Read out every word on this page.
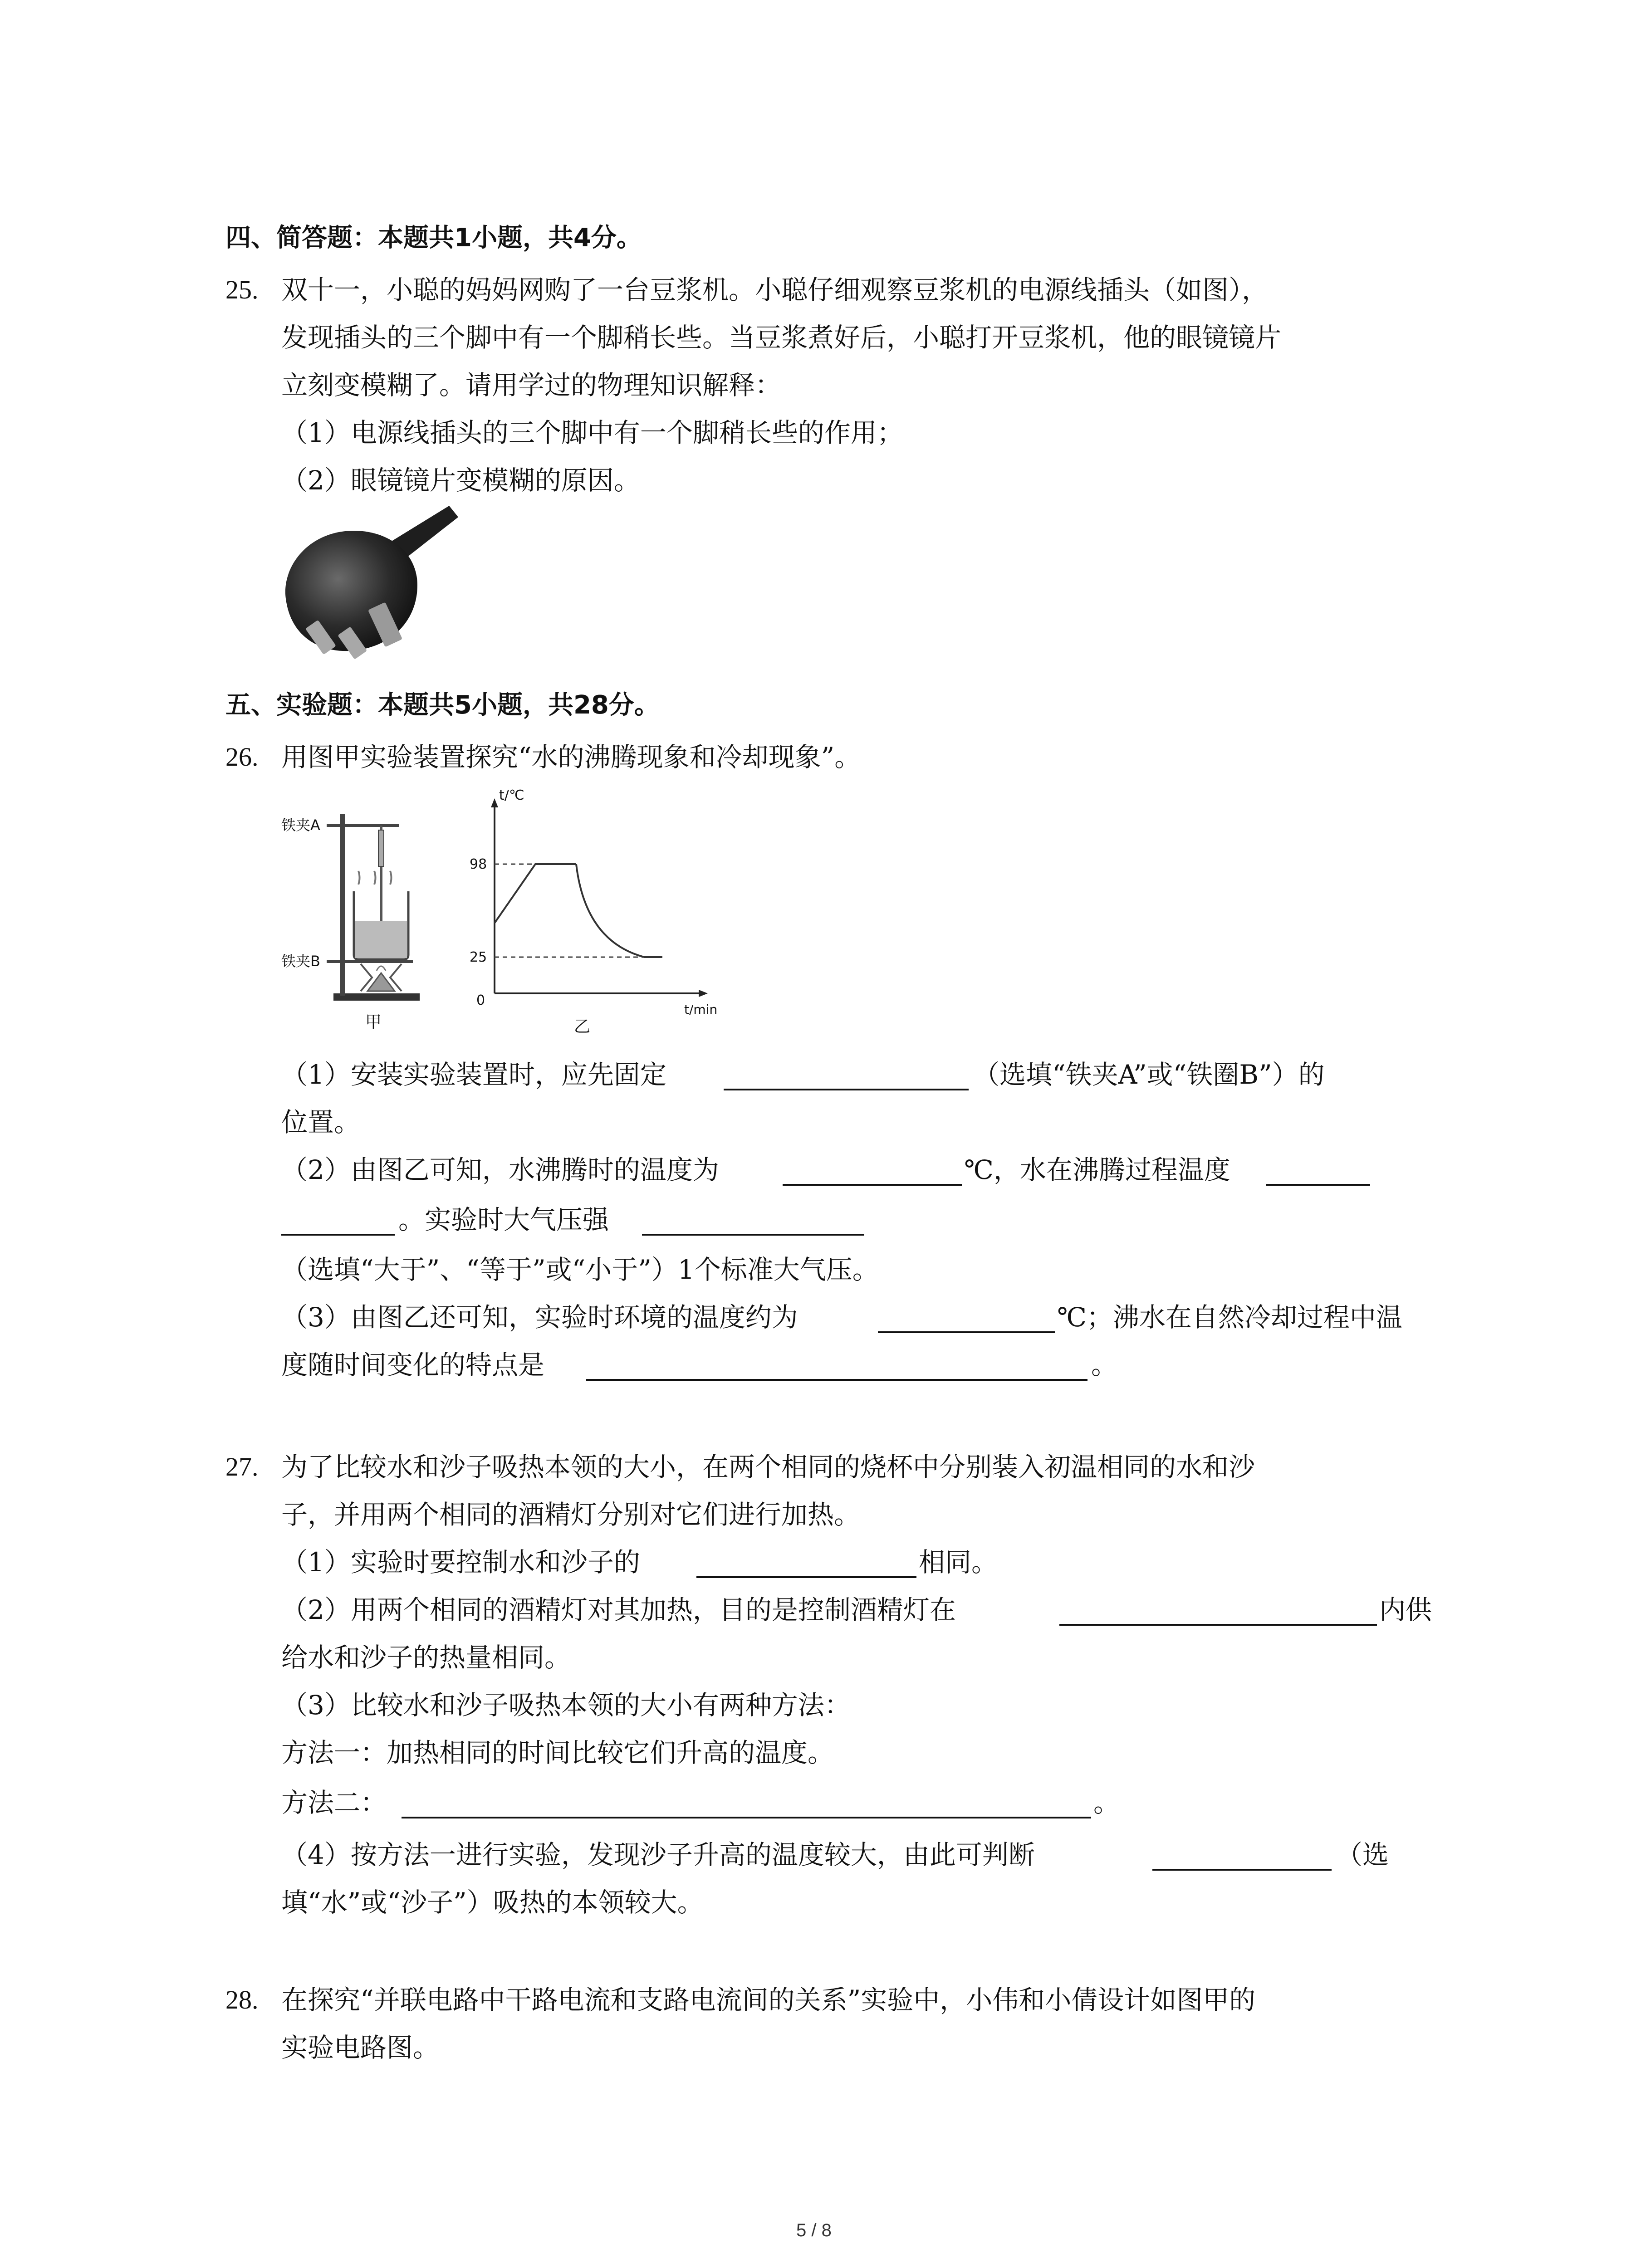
四、简答题：本题共1小题，共4分。
25. 双十一，小聪的妈妈网购了一台豆浆机。小聪仔细观察豆浆机的电源线插头（如图），
发现插头的三个脚中有一个脚稍长些。当豆浆煮好后，小聪打开豆浆机，他的眼镜镜片
立刻变模糊了。请用学过的物理知识解释：
（1）电源线插头的三个脚中有一个脚稍长些的作用；
（2）眼镜镜片变模糊的原因。
五、实验题：本题共5小题，共28分。
26. 用图甲实验装置探究“水的沸腾现象和冷却现象”。
铁夹A
铁夹B
甲
t/℃
98
25
0
t/min
乙
（1）安装实验装置时，应先固定	（选填“铁夹A”或“铁圈B”）的
位置。
（2）由图乙可知，水沸腾时的温度为	℃，水在沸腾过程温度
。实验时大气压强
（选填“大于”、“等于”或“小于”）1个标准大气压。
（3）由图乙还可知，实验时环境的温度约为	℃；沸水在自然冷却过程中温
度随时间变化的特点是	。
27. 为了比较水和沙子吸热本领的大小，在两个相同的烧杯中分别装入初温相同的水和沙
子，并用两个相同的酒精灯分别对它们进行加热。
（1）实验时要控制水和沙子的	相同。
（2）用两个相同的酒精灯对其加热，目的是控制酒精灯在	内供
给水和沙子的热量相同。
（3）比较水和沙子吸热本领的大小有两种方法：
方法一：加热相同的时间比较它们升高的温度。
方法二：	。
（4）按方法一进行实验，发现沙子升高的温度较大，由此可判断	（选
填“水”或“沙子”）吸热的本领较大。
28. 在探究“并联电路中干路电流和支路电流间的关系”实验中，小伟和小倩设计如图甲的
实验电路图。
5 / 8
